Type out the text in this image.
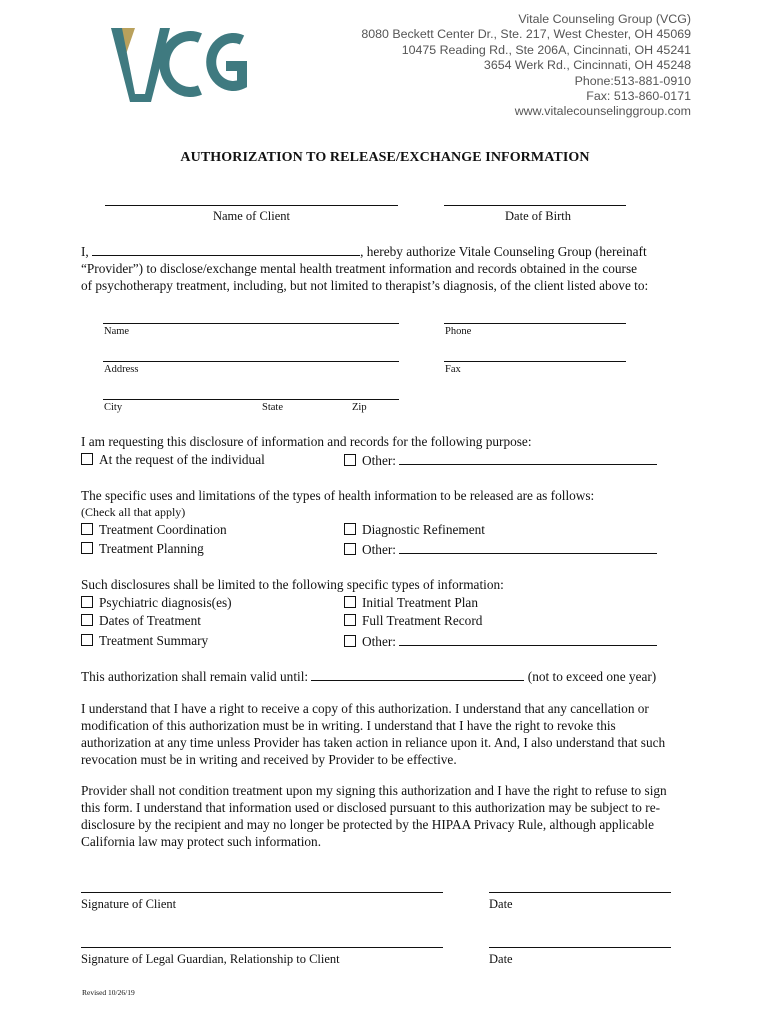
Vitale Counseling Group (VCG)
8080 Beckett Center Dr., Ste. 217, West Chester, OH 45069
10475 Reading Rd., Ste 206A, Cincinnati, OH 45241
3654 Werk Rd., Cincinnati, OH 45248
Phone:513-881-0910
Fax: 513-860-0171
www.vitalecounselinggroup.com
AUTHORIZATION TO RELEASE/EXCHANGE INFORMATION
Name of Client	Date of Birth
I,	, hereby authorize Vitale Counseling Group (hereinaft
“Provider”) to disclose/exchange mental health treatment information and records obtained in the course
of psychotherapy treatment, including, but not limited to therapist’s diagnosis, of the client listed above to:
Name	Phone
Address	Fax
City	State	Zip
I am requesting this disclosure of information and records for the following purpose:
At the request of the individual	Other:
The specific uses and limitations of the types of health information to be released are as follows:
(Check all that apply)
Treatment Coordination	Diagnostic Refinement
Treatment Planning	Other:
Such disclosures shall be limited to the following specific types of information:
Psychiatric diagnosis(es)	Initial Treatment Plan
Dates of Treatment	Full Treatment Record
Treatment Summary	Other:
This authorization shall remain valid until:	(not to exceed one year)
I understand that I have a right to receive a copy of this authorization. I understand that any cancellation or modification of this authorization must be in writing. I understand that I have the right to revoke this authorization at any time unless Provider has taken action in reliance upon it. And, I also understand that such revocation must be in writing and received by Provider to be effective.
Provider shall not condition treatment upon my signing this authorization and I have the right to refuse to sign this form. I understand that information used or disclosed pursuant to this authorization may be subject to re-disclosure by the recipient and may no longer be protected by the HIPAA Privacy Rule, although applicable California law may protect such information.
Signature of Client	Date
Signature of Legal Guardian, Relationship to Client	Date
Revised 10/26/19
